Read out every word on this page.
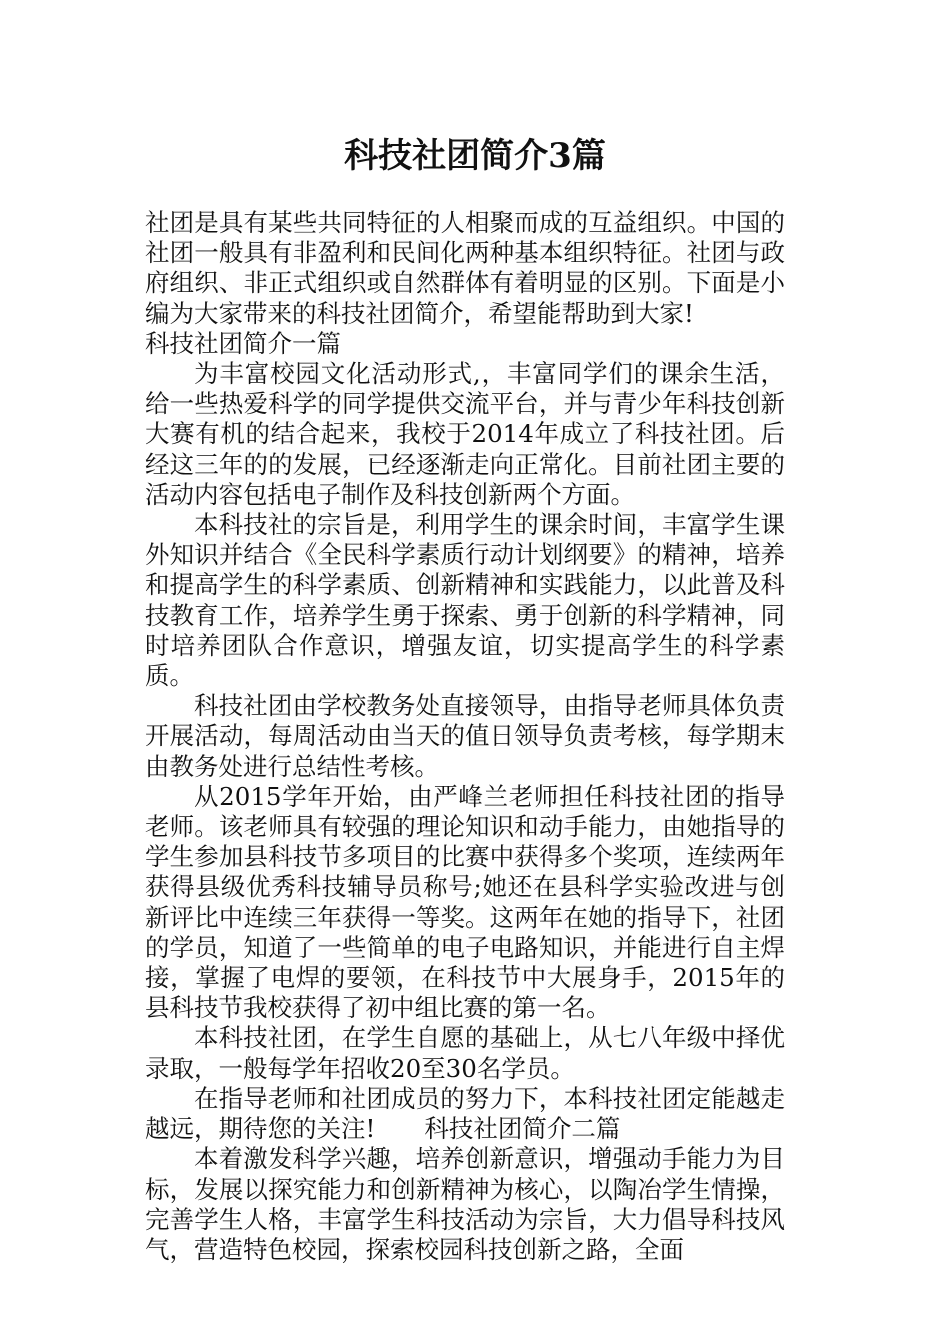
科技社团简介3篇

社团是具有某些共同特征的人相聚而成的互益组织。中国的社团一般具有非盈利和民间化两种基本组织特征。社团与政府组织、非正式组织或自然群体有着明显的区别。下面是小编为大家带来的科技社团简介，希望能帮助到大家!

科技社团简介一篇

为丰富校园文化活动形式,，丰富同学们的课余生活，给一些热爱科学的同学提供交流平台，并与青少年科技创新大赛有机的结合起来，我校于2014年成立了科技社团。后经这三年的的发展，已经逐渐走向正常化。目前社团主要的活动内容包括电子制作及科技创新两个方面。

本科技社的宗旨是，利用学生的课余时间，丰富学生课外知识并结合《全民科学素质行动计划纲要》的精神，培养和提高学生的科学素质、创新精神和实践能力，以此普及科技教育工作，培养学生勇于探索、勇于创新的科学精神，同时培养团队合作意识，增强友谊，切实提高学生的科学素质。

科技社团由学校教务处直接领导，由指导老师具体负责开展活动，每周活动由当天的值日领导负责考核，每学期末由教务处进行总结性考核。

从2015学年开始，由严峰兰老师担任科技社团的指导老师。该老师具有较强的理论知识和动手能力，由她指导的学生参加县科技节多项目的比赛中获得多个奖项，连续两年获得县级优秀科技辅导员称号;她还在县科学实验改进与创新评比中连续三年获得一等奖。这两年在她的指导下，社团的学员，知道了一些简单的电子电路知识，并能进行自主焊接，掌握了电焊的要领，在科技节中大展身手，2015年的县科技节我校获得了初中组比赛的第一名。

本科技社团，在学生自愿的基础上，从七八年级中择优录取，一般每学年招收20至30名学员。

在指导老师和社团成员的努力下，本科技社团定能越走越远，期待您的关注!　　科技社团简介二篇

本着激发科学兴趣，培养创新意识，增强动手能力为目标，发展以探究能力和创新精神为核心，以陶冶学生情操，完善学生人格，丰富学生科技活动为宗旨，大力倡导科技风气，营造特色校园，探索校园科技创新之路，全面
